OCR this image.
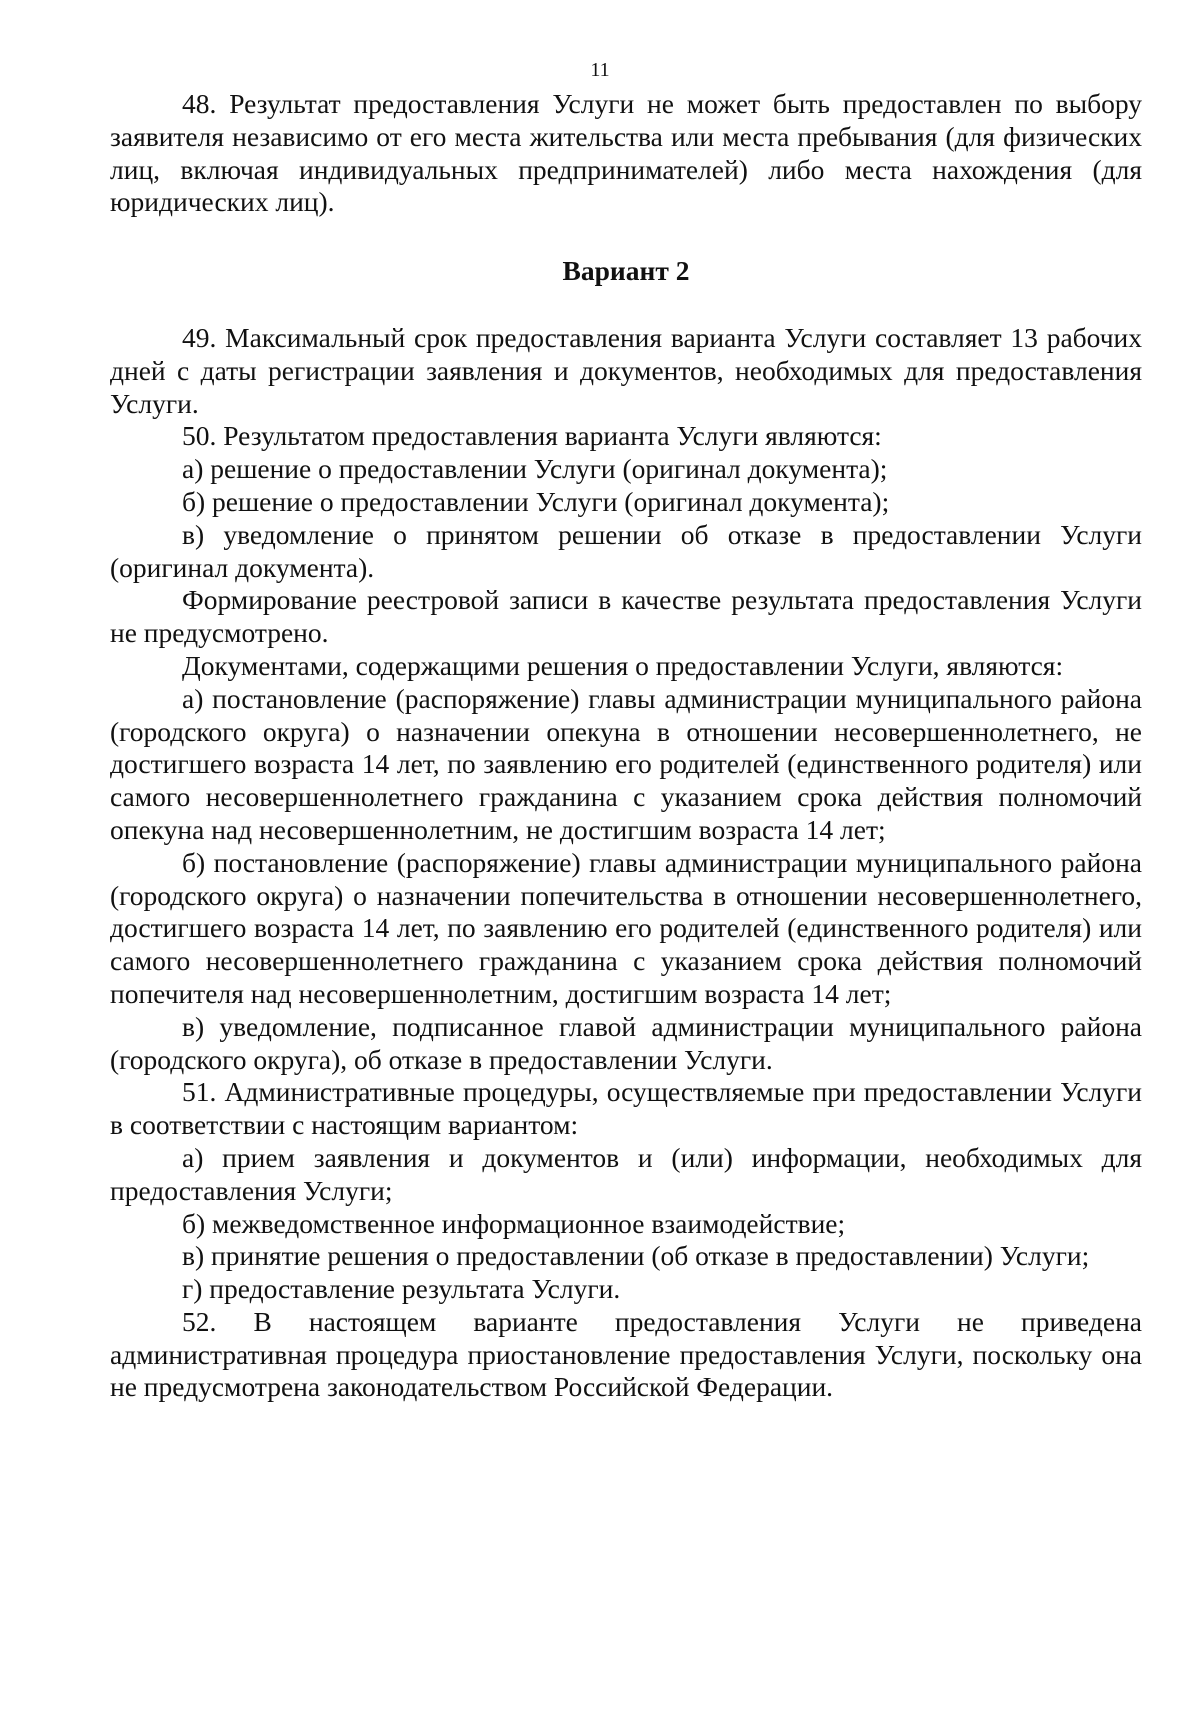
11

48. Результат предоставления Услуги не может быть предоставлен по выбору заявителя независимо от его места жительства или места пребывания (для физических лиц, включая индивидуальных предпринимателей) либо места нахождения (для юридических лиц).

Вариант 2

49. Максимальный срок предоставления варианта Услуги составляет 13 рабочих дней с даты регистрации заявления и документов, необходимых для предоставления Услуги.

50. Результатом предоставления варианта Услуги являются:

а) решение о предоставлении Услуги (оригинал документа);

б) решение о предоставлении Услуги (оригинал документа);

в) уведомление о принятом решении об отказе в предоставлении Услуги (оригинал документа).

Формирование реестровой записи в качестве результата предоставления Услуги не предусмотрено.

Документами, содержащими решения о предоставлении Услуги, являются:

а) постановление (распоряжение) главы администрации муниципального района (городского округа) о назначении опекуна в отношении несовершеннолетнего, не достигшего возраста 14 лет, по заявлению его родителей (единственного родителя) или самого несовершеннолетнего гражданина с указанием срока действия полномочий опекуна над несовершеннолетним, не достигшим возраста 14 лет;

б) постановление (распоряжение) главы администрации муниципального района (городского округа) о назначении попечительства в отношении несовершеннолетнего, достигшего возраста 14 лет, по заявлению его родителей (единственного родителя) или самого несовершеннолетнего гражданина с указанием срока действия полномочий попечителя над несовершеннолетним, достигшим возраста 14 лет;

в) уведомление, подписанное главой администрации муниципального района (городского округа), об отказе в предоставлении Услуги.

51. Административные процедуры, осуществляемые при предоставлении Услуги в соответствии с настоящим вариантом:

а) прием заявления и документов и (или) информации, необходимых для предоставления Услуги;

б) межведомственное информационное взаимодействие;

в) принятие решения о предоставлении (об отказе в предоставлении) Услуги;

г) предоставление результата Услуги.

52. В настоящем варианте предоставления Услуги не приведена административная процедура приостановление предоставления Услуги, поскольку она не предусмотрена законодательством Российской Федерации.
